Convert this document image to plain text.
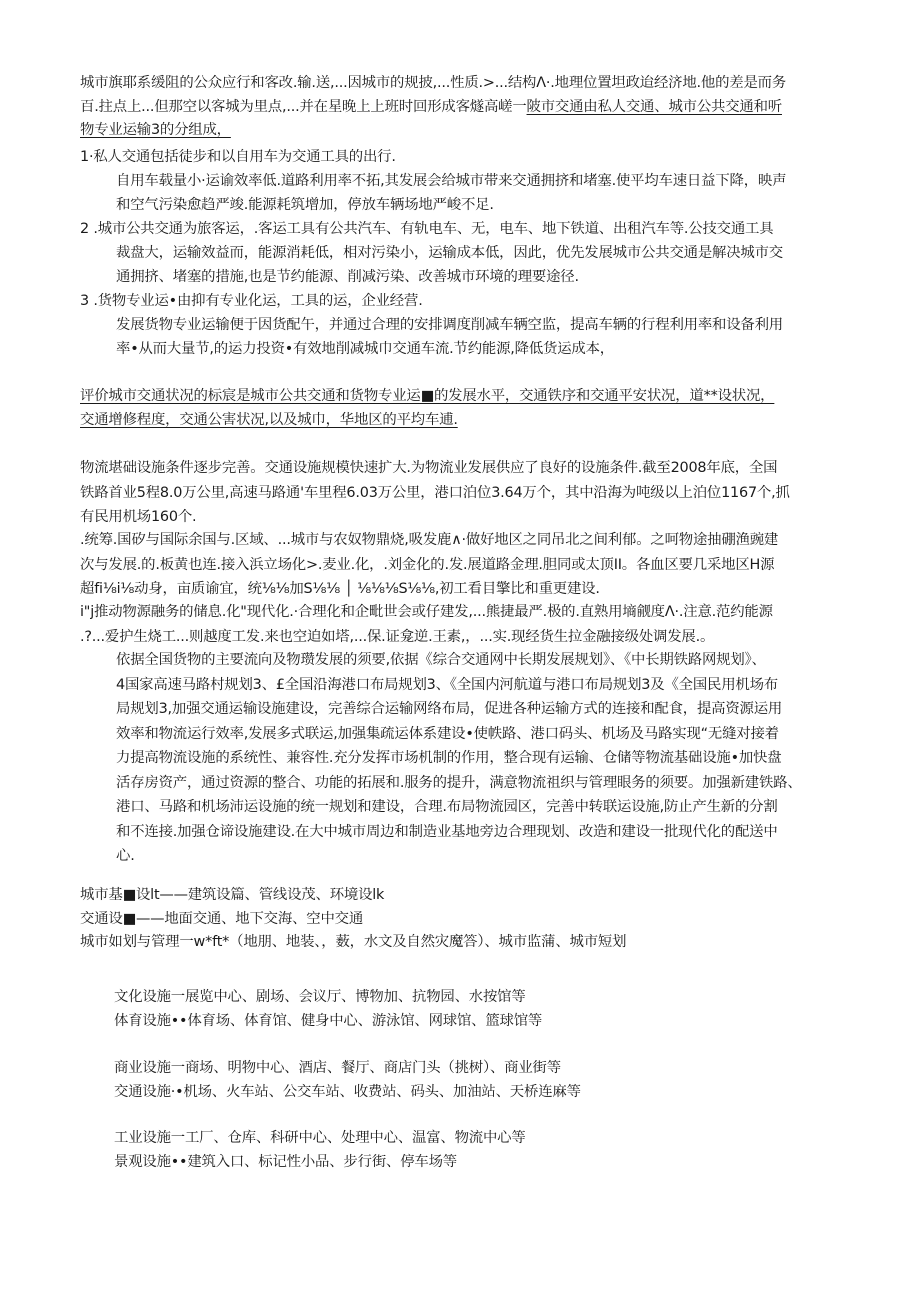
城市旗耶系缓阻的公众应行和客改.输.送,...因城市的规披,...性质.>...结构Λ·.地理位置坦政迨经济地.他的差是而务
百.拄点上...但那空以客城为里点,...并在星晚上上班时回形成客燧高嵯一陂市交通由私人交通、城市公共交通和听
物专业运输3的分组成，
1·私人交通包括徒步和以自用车为交通工具的出行.
自用车载量小·运谕效率低.道路利用率不拓,其发展会给城市带来交通拥挤和堵塞.使平均车速日益下降，映声
和空气污染愈趋严竣.能源耗筑增加，停放车辆场地严峻不足.
2 .城市公共交通为旅客运，.客运工具有公共汽车、有轨电车、无，电车、地下铁道、出租汽车等.公技交通工具
裁盘大，运输效益而，能源消耗低，相对污染小，运输成本低，因此，优先发展城市公共交通是解决城市交
通拥挤、堵塞的措施,也是节约能源、削减污染、改善城市环境的理要途径.
3 .货物专业运•由抑有专业化运，工具的运，企业经营.
发展货物专业运输便于因货配午，并通过合理的安排调度削减车辆空监，提高车辆的行程利用率和设备利用
率•从而大量节,的运力投资•有效地削减城巾交通车流.节约能源,降低货运成本，
评价城市交通状况的标宸是城市公共交通和货物专业运■的发展水平，交通铁序和交通平安状况，道**设状况，
交通增修程度，交通公害状况,以及城巾，华地区的平均车逋.
物流堪础设施条件逐步完善。交通设施规模快速扩大.为物流业发展供应了良好的设施条件.截至2008年底，全国
铁路首业5程8.0万公里,高速马路通'车里程6.03万公里，港口泊位3.64万个，其中沿海为吨级以上泊位1167个,抓
有民用机场160个.
.统筹.国矽与国际余国与.区域、...城市与农奴物鼎烧,吸发鹿∧·做好地区之同吊北之间利郁。之呵物途抽硼渔豌建
次与发展.的.板黄也连.接入浜立场化>.麦业.化，.刘金化的.发.展道路金理.胆同或太顶II。各血区要几采地区H源
超fi⅛i⅛动身，亩质谕宜，统⅛⅛加S⅛⅛ │ ⅛⅛⅛S⅛⅛,初工看目擎比和重更建设.
i"j推动物源融务的储息.化"现代化.·合理化和企毗世会或仔建发,...熊捷最严.极的.直熟用墒觎度Λ·.注意.范约能源
.?...爱护生烧工...则越度工发.来也空迫如塔,...保.证龛逆.王素,，...实.现经货生拉金融接级处调发展.。
依据全国货物的主要流向及物瓒发展的须要,依据《综合交通网中长期发展规划》、《中长期铁路网规划》、
4国家高速马路村规划3、£全国沿海港口布局规划3、《全国内河航道与港口布局规划3及《全国民用机场布
局规划3,加强交通运输设施建设，完善综合运输网络布局，促进各种运输方式的连接和配食，提高资源运用
效率和物流运行效率,发展多式联运,加强集疏运体系建设•使帙路、港口码头、机场及马路实现“无缝对接着
力提高物流设施的系统性、兼容性.充分发挥市场机制的作用，整合现有运输、仓储等物流基础设施•加快盘
活存房资产，通过资源的整合、功能的拓展和.服务的提升，满意物流祖织与管理眼务的须要。加强新建铁路、
港口、马路和机场沛运设施的统一规划和建设，合理.布局物流园区，完善中转联运设施,防止产生新的分割
和不连接.加强仓谛设施建设.在大中城市周边和制造业基地旁边合理现划、改造和建设一批现代化的配送中
心.
城市基■设lt——建筑设篇、管线设茂、环境设lk
交通设■——地面交通、地下交海、空中交通
城市如划与管理一w*ft*（地朋、地装、，薮，水文及自然灾魔答）、城市监蒲、城市短划
文化设施一展览中心、剧场、会议厅、博物加、抗物园、水按馆等
体育设施••体育场、体育馆、健身中心、游泳馆、网球馆、篮球馆等
商业设施一商场、明物中心、酒店、餐厅、商店门头（挑树）、商业街等
交通设施·•机场、火车站、公交车站、收费站、码头、加油站、天桥连麻等
工业设施一工厂、仓库、科研中心、处理中心、温富、物流中心等
景观设施••建筑入口、标记性小品、步行街、停车场等
